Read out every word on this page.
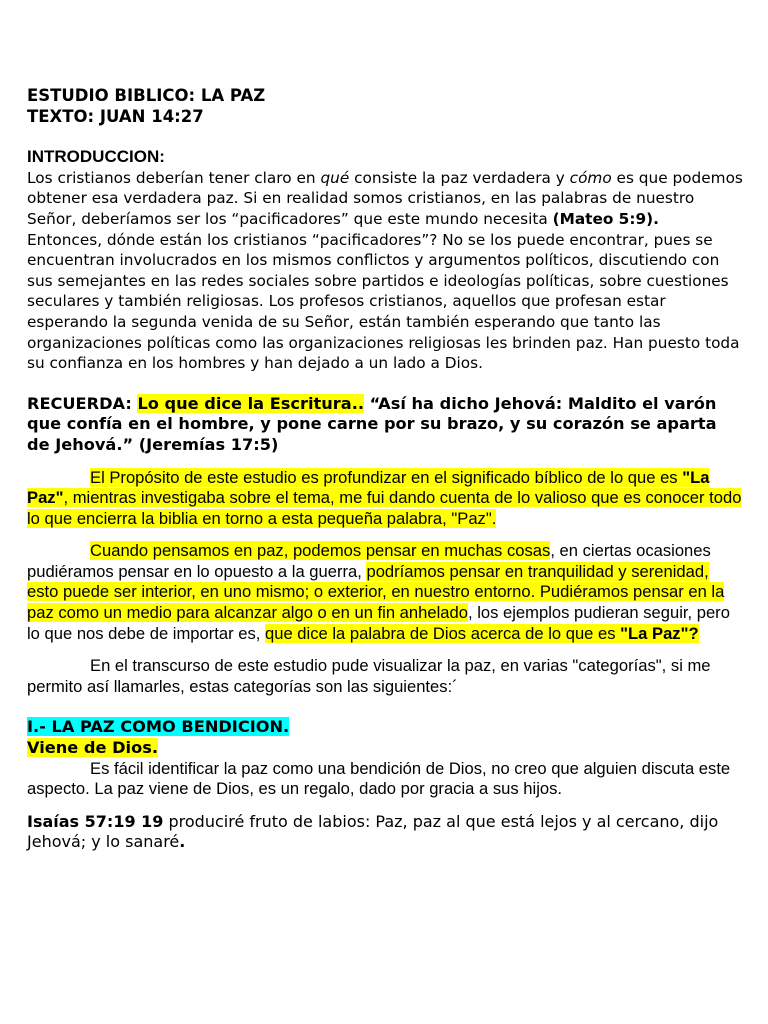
ESTUDIO BIBLICO: LA PAZ
TEXTO: JUAN 14:27

INTRODUCCION:

Los cristianos deberían tener claro en qué consiste la paz verdadera y cómo es que podemos obtener esa verdadera paz. Si en realidad somos cristianos, en las palabras de nuestro Señor, deberíamos ser los “pacificadores” que este mundo necesita (Mateo 5:9).

Entonces, dónde están los cristianos “pacificadores”? No se los puede encontrar, pues se encuentran involucrados en los mismos conflictos y argumentos políticos, discutiendo con sus semejantes en las redes sociales sobre partidos e ideologías políticas, sobre cuestiones seculares y también religiosas. Los profesos cristianos, aquellos que profesan estar esperando la segunda venida de su Señor, están también esperando que tanto las organizaciones políticas como las organizaciones religiosas les brinden paz. Han puesto toda su confianza en los hombres y han dejado a un lado a Dios.

RECUERDA: Lo que dice la Escritura.. “Así ha dicho Jehová: Maldito el varón que confía en el hombre, y pone carne por su brazo, y su corazón se aparta de Jehová.” (Jeremías 17:5)

El Propósito de este estudio es profundizar en el significado bíblico de lo que es "La Paz", mientras investigaba sobre el tema, me fui dando cuenta de lo valioso que es conocer todo lo que encierra la biblia en torno a esta pequeña palabra, "Paz".

Cuando pensamos en paz, podemos pensar en muchas cosas, en ciertas ocasiones pudiéramos pensar en lo opuesto a la guerra, podríamos pensar en tranquilidad y serenidad, esto puede ser interior, en uno mismo; o exterior, en nuestro entorno. Pudiéramos pensar en la paz como un medio para alcanzar algo o en un fin anhelado, los ejemplos pudieran seguir, pero lo que nos debe de importar es, que dice la palabra de Dios acerca de lo que es "La Paz"?

En el transcurso de este estudio pude visualizar la paz, en varias "categorías", si me permito así llamarles, estas categorías son las siguientes:´

I.- LA PAZ COMO BENDICION.

Viene de Dios.

Es fácil identificar la paz como una bendición de Dios, no creo que alguien discuta este aspecto. La paz viene de Dios, es un regalo, dado por gracia a sus hijos.

Isaías 57:19 19 produciré fruto de labios: Paz, paz al que está lejos y al cercano, dijo Jehová; y lo sanaré.
